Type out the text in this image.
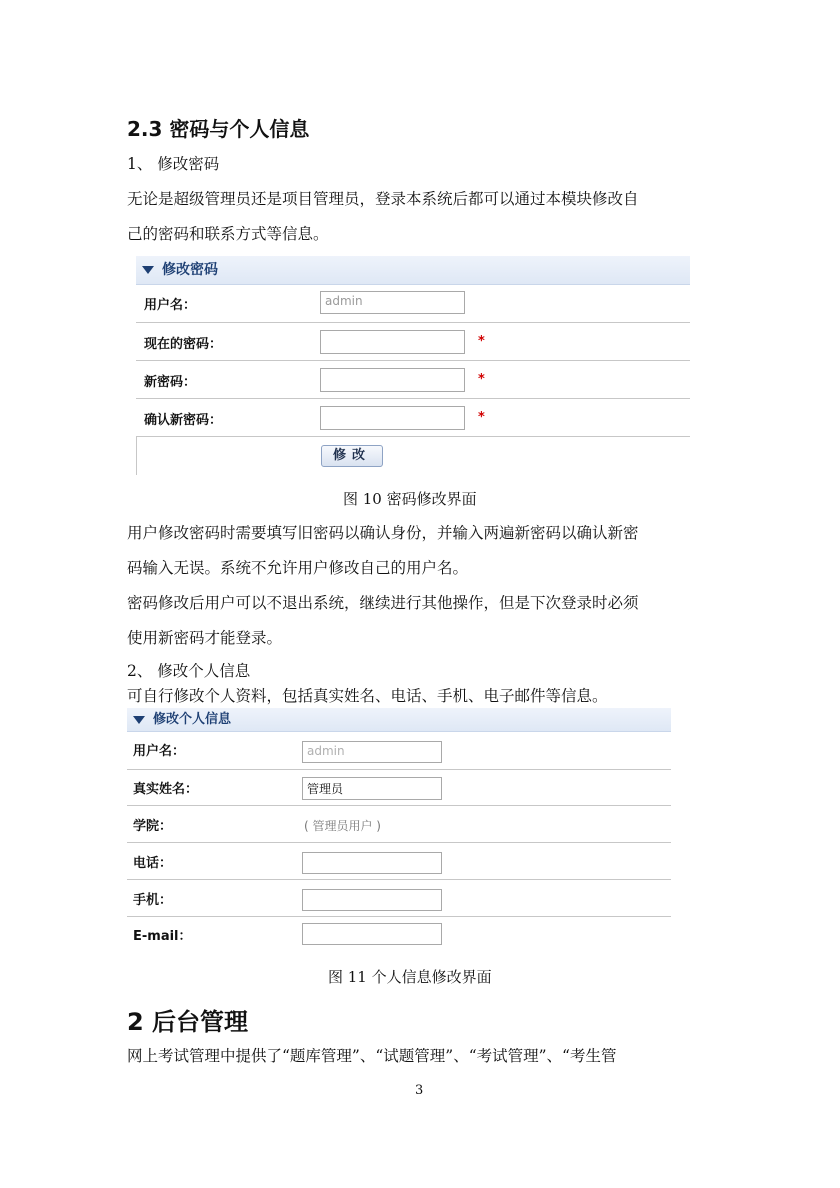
2.3 密码与个人信息
1、 修改密码
无论是超级管理员还是项目管理员，登录本系统后都可以通过本模块修改自
己的密码和联系方式等信息。
修改密码
用户名：	admin
现在的密码：	*
新密码：	*
确认新密码：	*
修改
图 10 密码修改界面
用户修改密码时需要填写旧密码以确认身份，并输入两遍新密码以确认新密
码输入无误。系统不允许用户修改自己的用户名。
密码修改后用户可以不退出系统，继续进行其他操作，但是下次登录时必须
使用新密码才能登录。
2、 修改个人信息
可自行修改个人资料，包括真实姓名、电话、手机、电子邮件等信息。
修改个人信息
用户名：	admin
真实姓名：	管理员
学院：	( 管理员用户 )
电话：
手机：
E-mail：
图 11 个人信息修改界面
2 后台管理
网上考试管理中提供了“题库管理”、“试题管理”、“考试管理”、“考生管
3
